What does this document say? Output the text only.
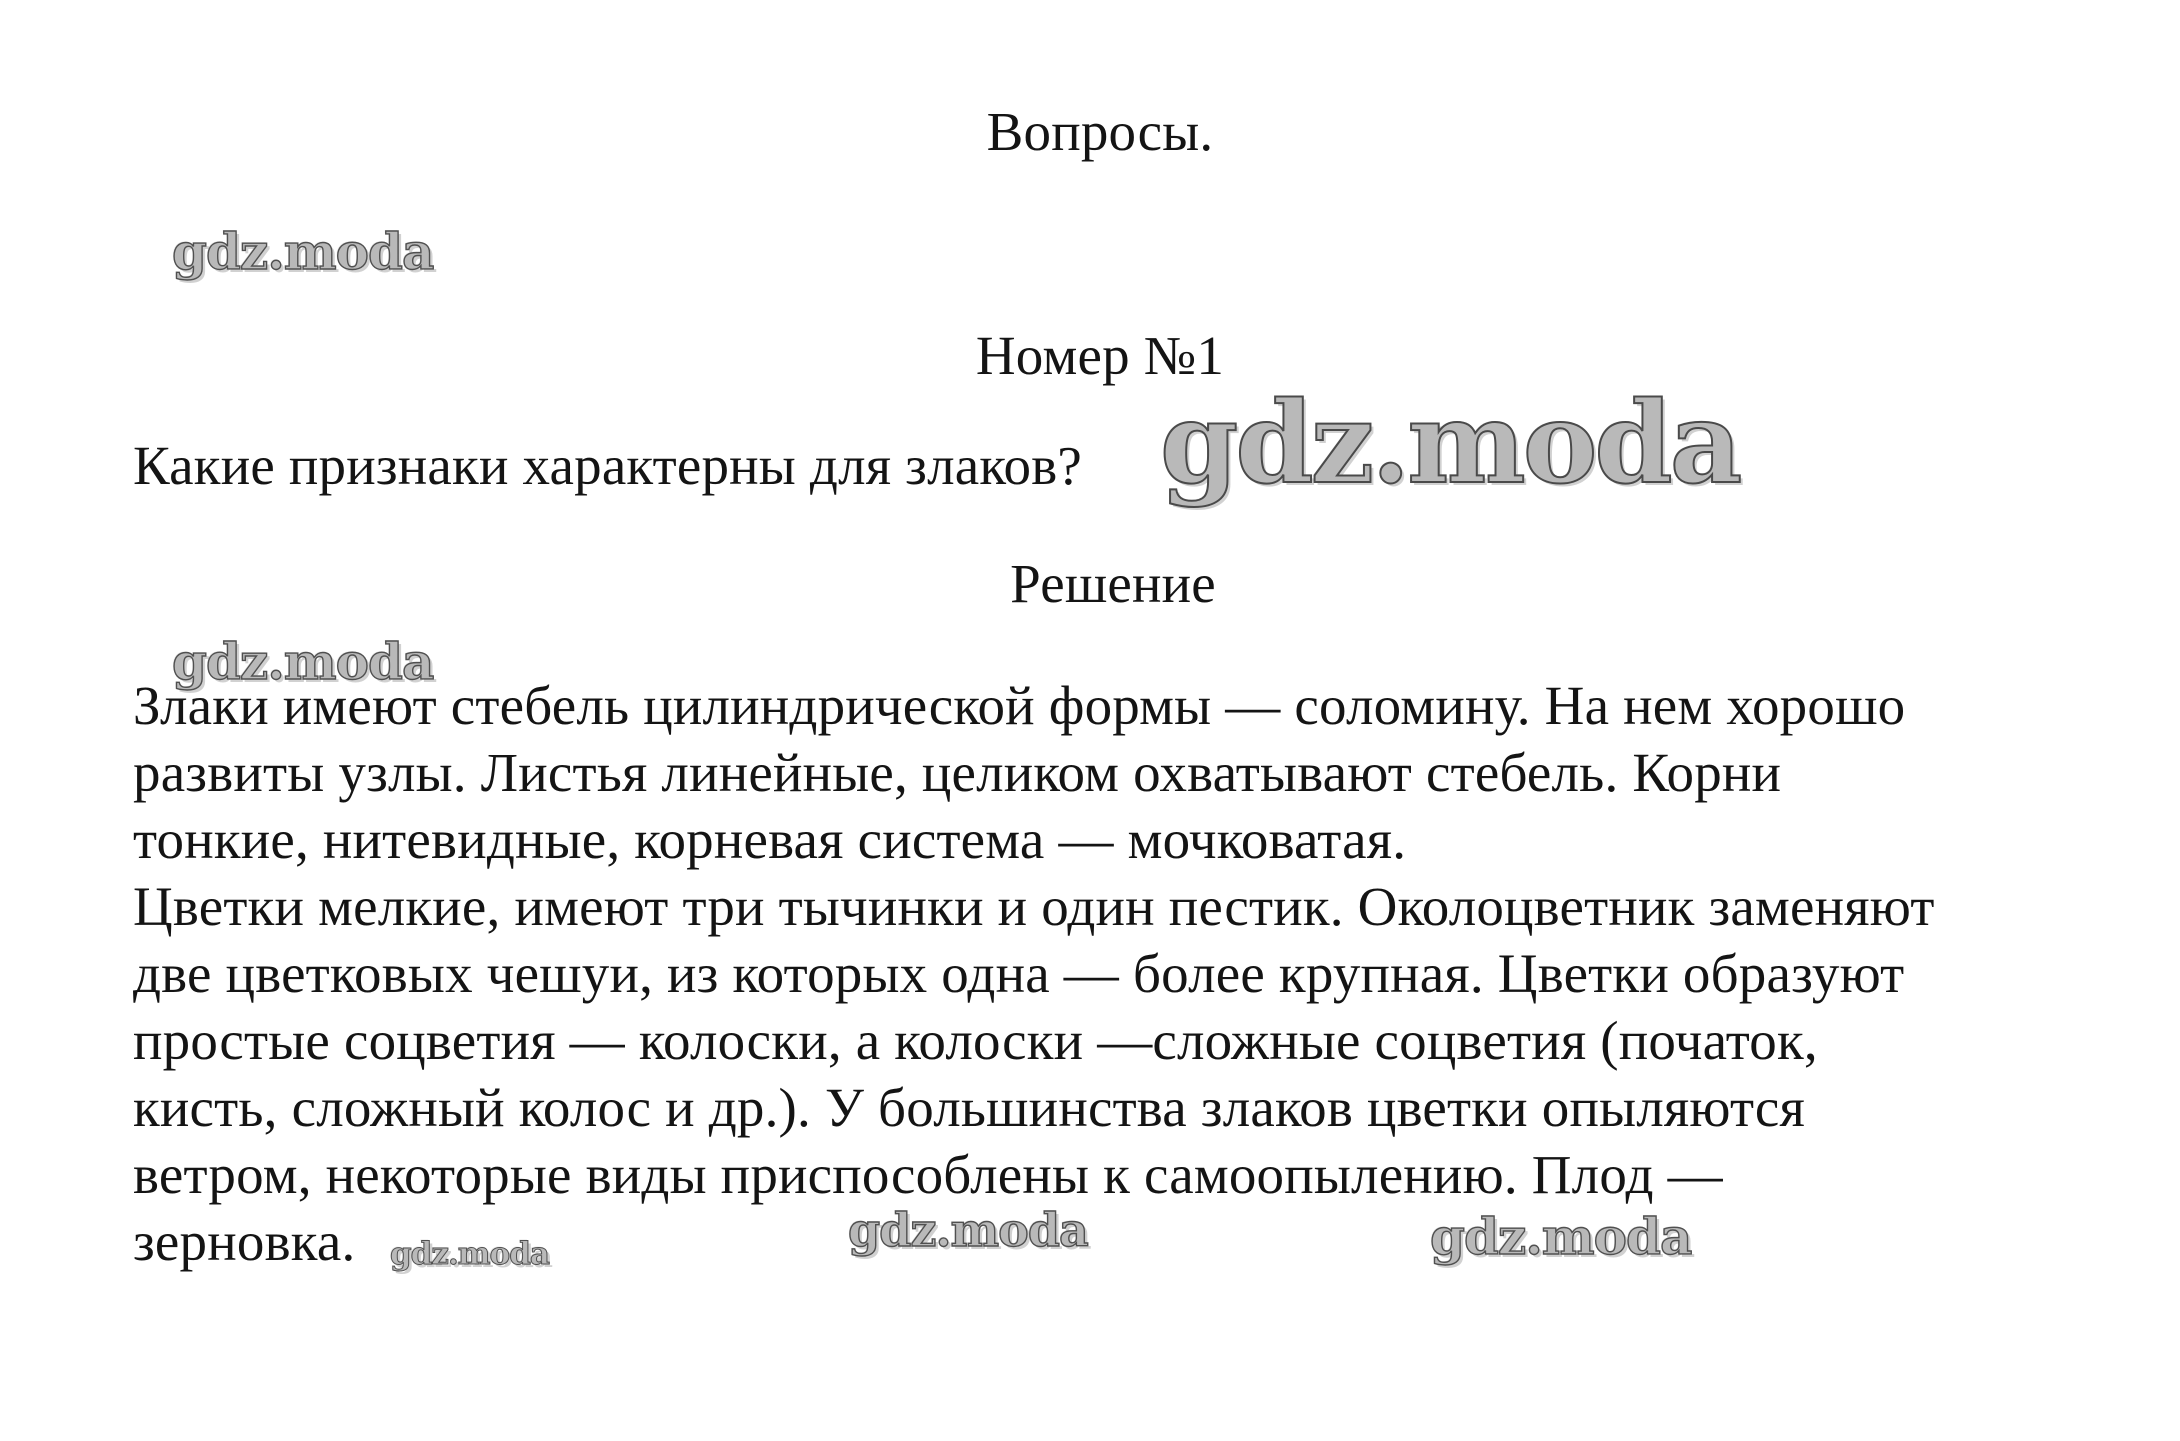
Вопросы.
Номер №1
Какие признаки характерны для злаков?
Решение
Злаки имеют стебель цилиндрической формы — соломину. На нем хорошо
развиты узлы. Листья линейные, целиком охватывают стебель. Корни
тонкие, нитевидные, корневая система — мочковатая.
Цветки мелкие, имеют три тычинки и один пестик. Околоцветник заменяют
две цветковых чешуи, из которых одна — более крупная. Цветки образуют
простые соцветия — колоски, а колоски —сложные соцветия (початок,
кисть, сложный колос и др.). У большинства злаков цветки опыляются
ветром, некоторые виды приспособлены к самоопылению. Плод —
зерновка.
gdz.moda
gdz.moda
gdz.moda
gdz.moda	gdz.moda
gdz.moda
